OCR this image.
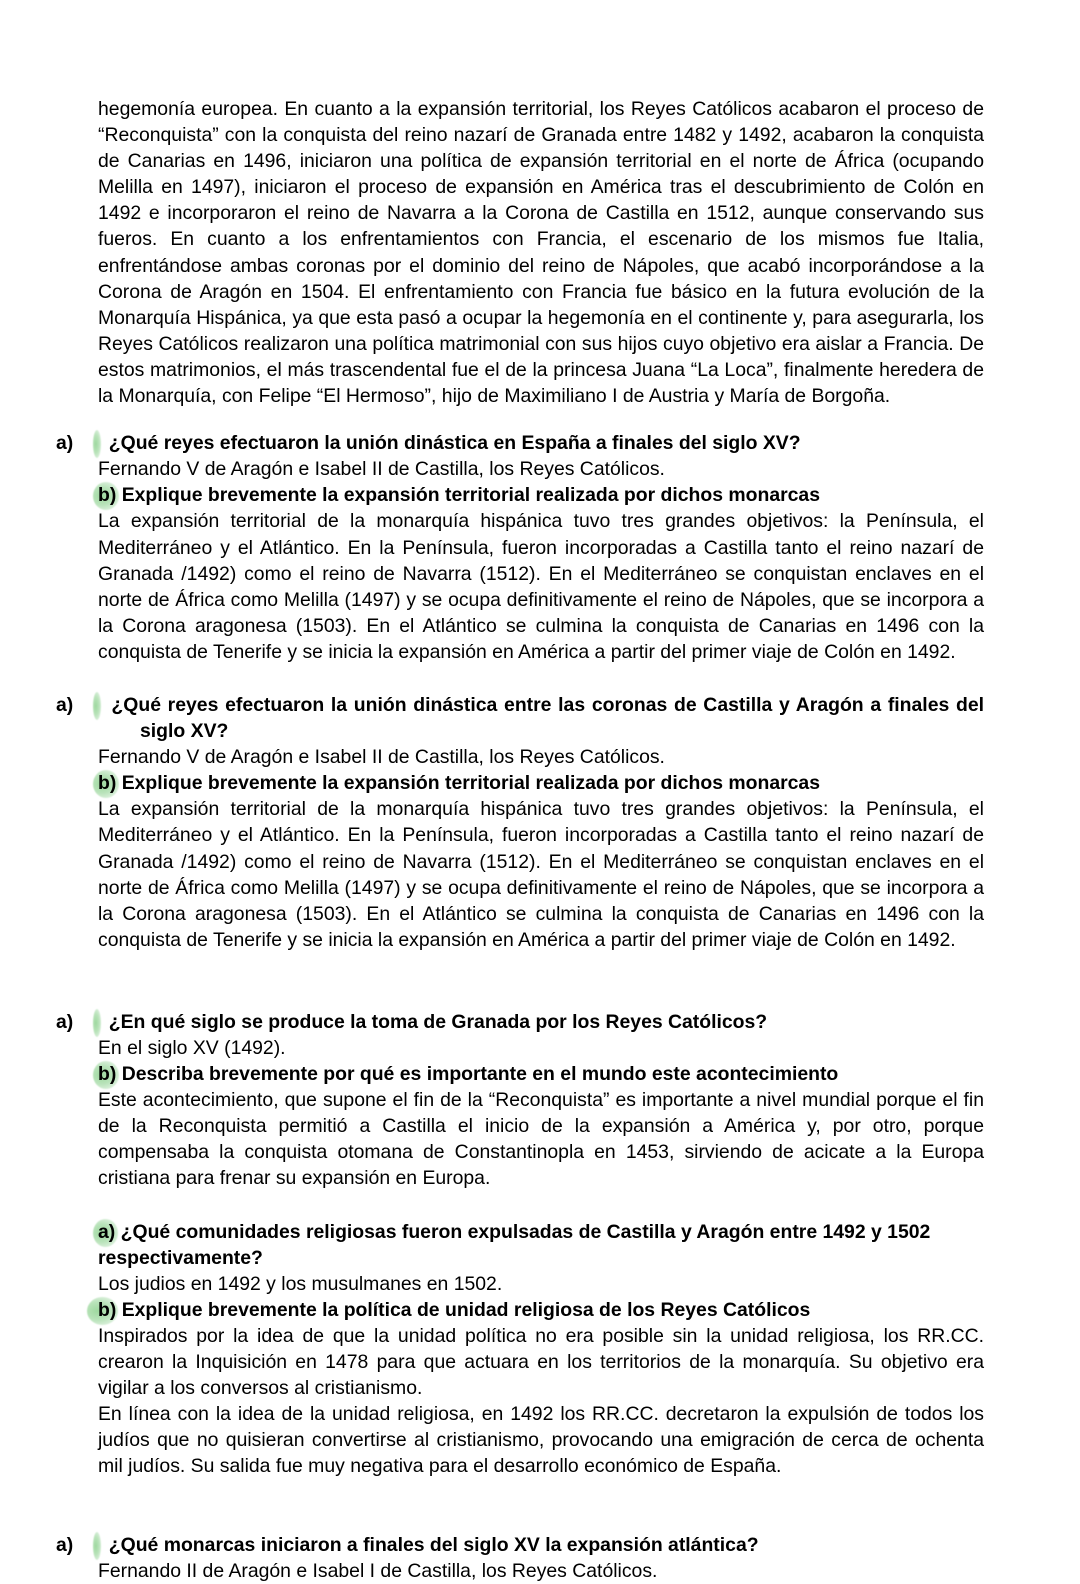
hegemonía europea. En cuanto a la expansión territorial, los Reyes Católicos acabaron el proceso de “Reconquista” con la conquista del reino nazarí de Granada entre 1482 y 1492, acabaron la conquista de Canarias en 1496, iniciaron una política de expansión territorial en el norte de África (ocupando Melilla en 1497), iniciaron el proceso de expansión en América tras el descubrimiento de Colón en 1492 e incorporaron el reino de Navarra a la Corona de Castilla en 1512, aunque conservando sus fueros. En cuanto a los enfrentamientos con Francia, el escenario de los mismos fue Italia, enfrentándose ambas coronas por el dominio del reino de Nápoles, que acabó incorporándose a la Corona de Aragón en 1504. El enfrentamiento con Francia fue básico en la futura evolución de la Monarquía Hispánica, ya que esta pasó a ocupar la hegemonía en el continente y, para asegurarla, los Reyes Católicos realizaron una política matrimonial con sus hijos cuyo objetivo era aislar a Francia. De estos matrimonios, el más trascendental fue el de la princesa Juana “La Loca”, finalmente heredera de la Monarquía, con Felipe “El Hermoso”, hijo de Maximiliano I de Austria y María de Borgoña.

a) ¿Qué reyes efectuaron la unión dinástica en España a finales del siglo XV?

Fernando V de Aragón e Isabel II de Castilla, los Reyes Católicos.

b) Explique brevemente la expansión territorial realizada por dichos monarcas

La expansión territorial de la monarquía hispánica tuvo tres grandes objetivos: la Península, el Mediterráneo y el Atlántico. En la Península, fueron incorporadas a Castilla tanto el reino nazarí de Granada /1492) como el reino de Navarra (1512). En el Mediterráneo se conquistan enclaves en el norte de África como Melilla (1497) y se ocupa definitivamente el reino de Nápoles, que se incorpora a la Corona aragonesa (1503). En el Atlántico se culmina la conquista de Canarias en 1496 con la conquista de Tenerife y se inicia la expansión en América a partir del primer viaje de Colón en 1492.

a) ¿Qué reyes efectuaron la unión dinástica entre las coronas de Castilla y Aragón a finales del siglo XV?

Fernando V de Aragón e Isabel II de Castilla, los Reyes Católicos.

b) Explique brevemente la expansión territorial realizada por dichos monarcas

La expansión territorial de la monarquía hispánica tuvo tres grandes objetivos: la Península, el Mediterráneo y el Atlántico. En la Península, fueron incorporadas a Castilla tanto el reino nazarí de Granada /1492) como el reino de Navarra (1512). En el Mediterráneo se conquistan enclaves en el norte de África como Melilla (1497) y se ocupa definitivamente el reino de Nápoles, que se incorpora a la Corona aragonesa (1503). En el Atlántico se culmina la conquista de Canarias en 1496 con la conquista de Tenerife y se inicia la expansión en América a partir del primer viaje de Colón en 1492.

a) ¿En qué siglo se produce la toma de Granada por los Reyes Católicos?

En el siglo XV (1492).

b) Describa brevemente por qué es importante en el mundo este acontecimiento

Este acontecimiento, que supone el fin de la “Reconquista” es importante a nivel mundial porque el fin de la Reconquista permitió a Castilla el inicio de la expansión a América y, por otro, porque compensaba la conquista otomana de Constantinopla en 1453, sirviendo de acicate a la Europa cristiana para frenar su expansión en Europa.

a) ¿Qué comunidades religiosas fueron expulsadas de Castilla y Aragón entre 1492 y 1502 respectivamente?

Los judios en 1492 y los musulmanes en 1502.

b) Explique brevemente la política de unidad religiosa de los Reyes Católicos

Inspirados por la idea de que la unidad política no era posible sin la unidad religiosa, los RR.CC. crearon la Inquisición en 1478 para que actuara en los territorios de la monarquía. Su objetivo era vigilar a los conversos al cristianismo.

En línea con la idea de la unidad religiosa, en 1492 los RR.CC. decretaron la expulsión de todos los judíos que no quisieran convertirse al cristianismo, provocando una emigración de cerca de ochenta mil judíos. Su salida fue muy negativa para el desarrollo económico de España.

a) ¿Qué monarcas iniciaron a finales del siglo XV la expansión atlántica?

Fernando II de Aragón e Isabel I de Castilla, los Reyes Católicos.
